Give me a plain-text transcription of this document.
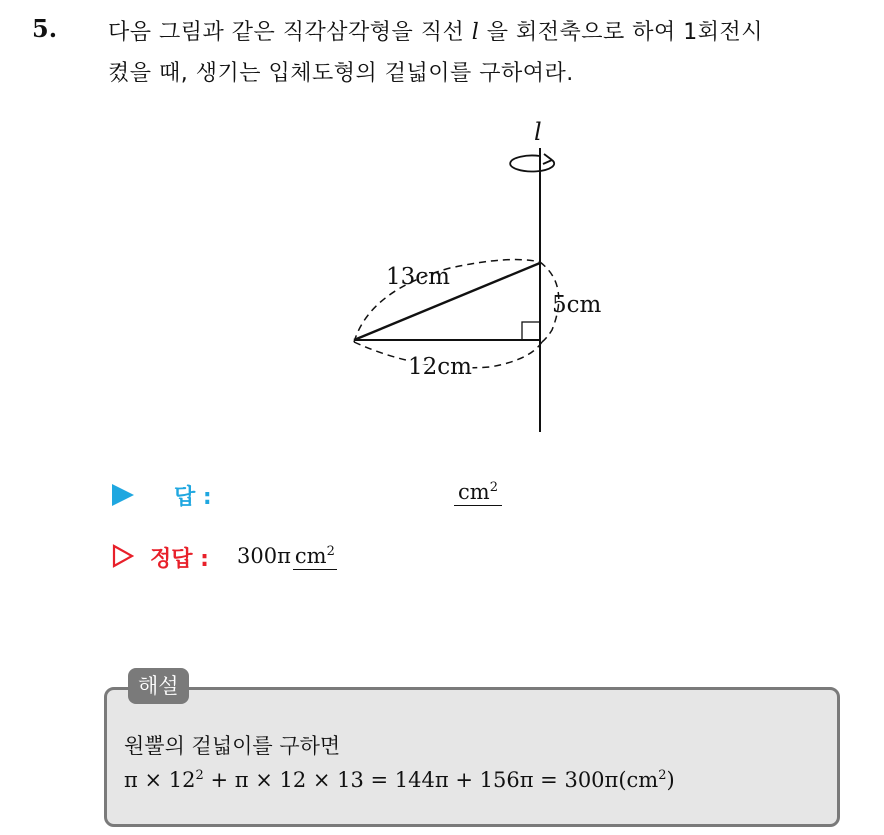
5. 다음 그림과 같은 직각삼각형을 직선 l 을 회전축으로 하여 1회전시
켰을 때, 생기는 입체도형의 겉넓이를 구하여라.
l
13cm
5cm
12cm
답 :	$cm^2$
정답 : 300π $cm^2$
해설
원뿔의 겉넓이를 구하면
$\pi \times 12^2 + \pi \times 12 \times 13 = 144\pi + 156\pi = 300\pi(cm^2)$
